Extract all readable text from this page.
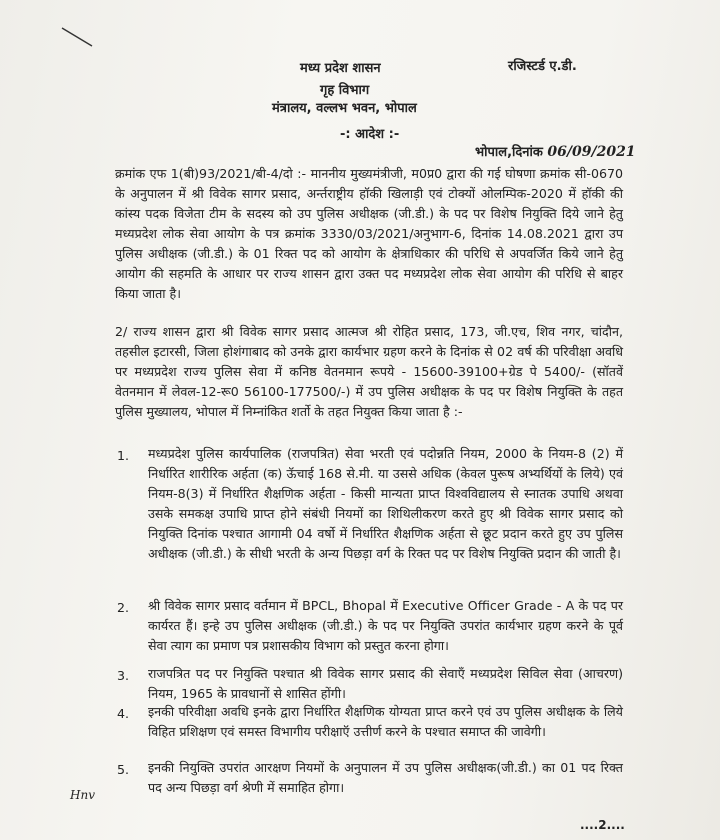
मध्य प्रदेश शासन
गृह विभाग
मंत्रालय, वल्लभ भवन, भोपाल
रजिस्टर्ड ए.डी.
-: आदेश :-
भोपाल,दिनांक 06/09/2021
क्रमांक एफ 1(बी)93/2021/बी-4/दो :- माननीय मुख्यमंत्रीजी, म0प्र0 द्वारा की गई घोषणा क्रमांक सी-0670 के अनुपालन में श्री विवेक सागर प्रसाद, अर्न्तराष्ट्रीय हॉकी खिलाड़ी एवं टोक्यों ओलम्पिक-2020 में हॉकी की कांस्य पदक विजेता टीम के सदस्य को उप पुलिस अधीक्षक (जी.डी.) के पद पर विशेष नियुक्ति दिये जाने हेतु मध्यप्रदेश लोक सेवा आयोग के पत्र क्रमांक 3330/03/2021/अनुभाग-6, दिनांक 14.08.2021 द्वारा उप पुलिस अधीक्षक (जी.डी.) के 01 रिक्त पद को आयोग के क्षेत्राधिकार की परिधि से अपवर्जित किये जाने हेतु आयोग की सहमति के आधार पर राज्य शासन द्वारा उक्त पद मध्यप्रदेश लोक सेवा आयोग की परिधि से बाहर किया जाता है।
2/ राज्य शासन द्वारा श्री विवेक सागर प्रसाद आत्मज श्री रोहित प्रसाद, 173, जी.एच, शिव नगर, चांदौन, तहसील इटारसी, जिला होशंगाबाद को उनके द्वारा कार्यभार ग्रहण करने के दिनांक से 02 वर्ष की परिवीक्षा अवधि पर मध्यप्रदेश राज्य पुलिस सेवा में कनिष्ठ वेतनमान रूपये - 15600-39100+ग्रेड पे 5400/- (सॉतवें वेतनमान में लेवल-12-रू0 56100-177500/-) में उप पुलिस अधीक्षक के पद पर विशेष नियुक्ति के तहत पुलिस मुख्यालय, भोपाल में निम्नांकित शर्तो के तहत नियुक्त किया जाता है :-
1. मध्यप्रदेश पुलिस कार्यपालिक (राजपत्रित) सेवा भरती एवं पदोन्नति नियम, 2000 के नियम-8 (2) में निर्धारित शारीरिक अर्हता (क) ऊॅचाई 168 से.मी. या उससे अधिक (केवल पुरूष अभ्यर्थियों के लिये) एवं नियम-8(3) में निर्धारित शैक्षणिक अर्हता - किसी मान्यता प्राप्त विश्वविद्यालय से स्नातक उपाधि अथवा उसके समकक्ष उपाधि प्राप्त होने संबंधी नियमों का शिथिलीकरण करते हुए श्री विवेक सागर प्रसाद को नियुक्ति दिनांक पश्चात आगामी 04 वर्षो में निर्धारित शैक्षणिक अर्हता से छूट प्रदान करते हुए उप पुलिस अधीक्षक (जी.डी.) के सीधी भरती के अन्य पिछड़ा वर्ग के रिक्त पद पर विशेष नियुक्ति प्रदान की जाती है।
2. श्री विवेक सागर प्रसाद वर्तमान में BPCL, Bhopal में Executive Officer Grade - A के पद पर कार्यरत हैं। इन्हे उप पुलिस अधीक्षक (जी.डी.) के पद पर नियुक्ति उपरांत कार्यभार ग्रहण करने के पूर्व सेवा त्याग का प्रमाण पत्र प्रशासकीय विभाग को प्रस्तुत करना होगा।
3. राजपत्रित पद पर नियुक्ति पश्चात श्री विवेक सागर प्रसाद की सेवाएँ मध्यप्रदेश सिविल सेवा (आचरण) नियम, 1965 के प्रावधानों से शासित होंगी।
4. इनकी परिवीक्षा अवधि इनके द्वारा निर्धारित शैक्षणिक योग्यता प्राप्त करने एवं उप पुलिस अधीक्षक के लिये विहित प्रशिक्षण एवं समस्त विभागीय परीक्षाऍ उत्तीर्ण करने के पश्चात समाप्त की जावेगी।
5. इनकी नियुक्ति उपरांत आरक्षण नियमों के अनुपालन में उप पुलिस अधीक्षक(जी.डी.) का 01 पद रिक्त पद अन्य पिछड़ा वर्ग श्रेणी में समाहित होगा।
Hnv
....2....
